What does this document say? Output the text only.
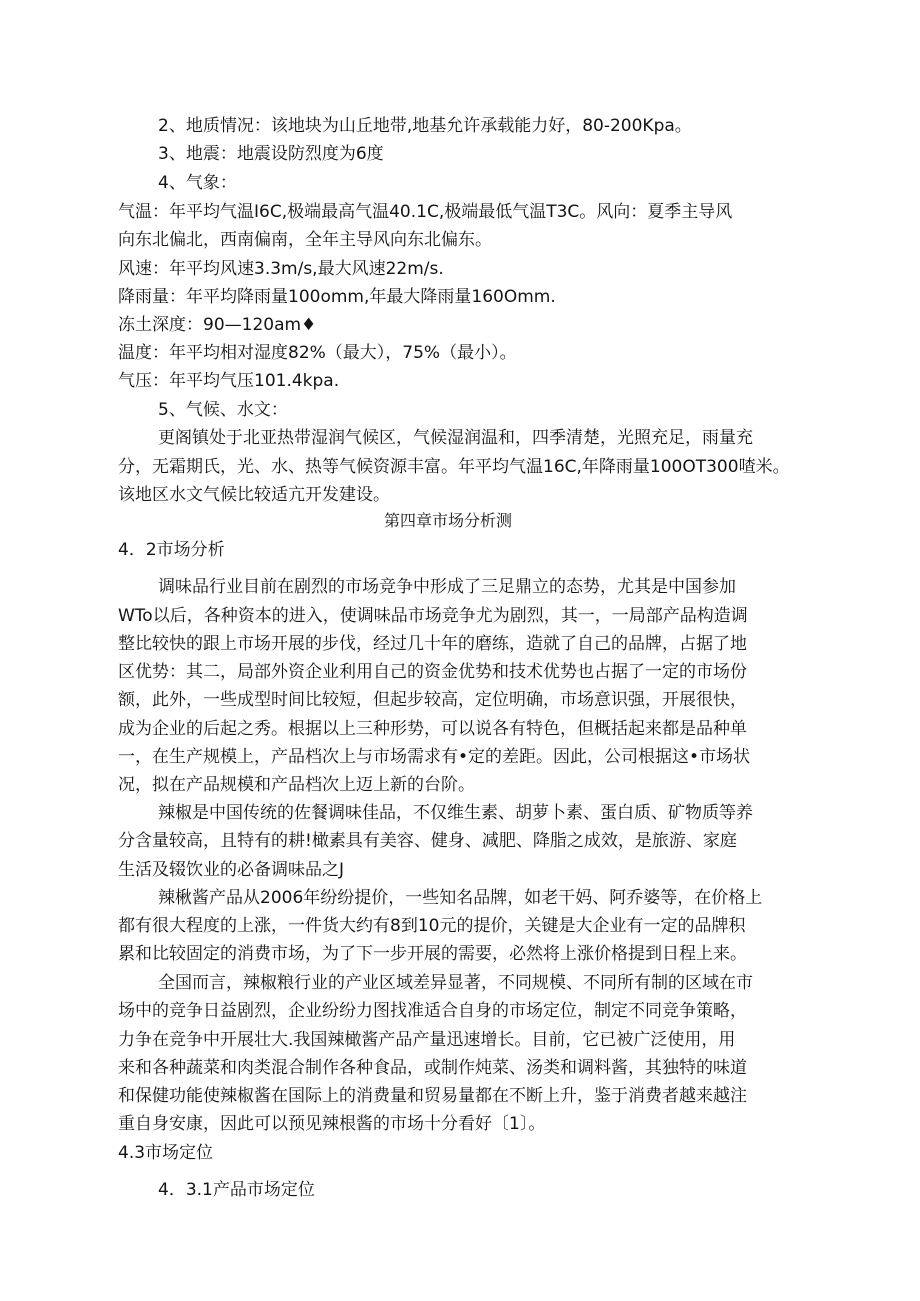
2、地质情况：该地块为山丘地带,地基允许承载能力好，80-200Kpa。

3、地震：地震设防烈度为6度

4、气象：

气温：年平均气温I6C,极端最高气温40.1C,极端最低气温T3C。风向：夏季主导风

向东北偏北，西南偏南，全年主导风向东北偏东。

风速：年平均风速3.3m∕s,最大风速22m∕s.

降雨量：年平均降雨量100omm,年最大降雨量160Omm.

冻土深度：90—120am♦

温度：年平均相对湿度82%（最大），75%（最小）。

气压：年平均气压101.4kpa.

5、气候、水文：

更阁镇处于北亚热带湿润气候区，气候湿润温和，四季清楚，光照充足，雨量充

分，无霜期氏，光、水、热等气候资源丰富。年平均气温16C,年降雨量100OT300喳米。

该地区水文气候比较适亢开发建设。

第四章市场分析测

4．2市场分析

调味品行业目前在剧烈的市场竞争中形成了三足鼎立的态势，尤其是中国参加

WTo以后，各种资本的进入，使调味品市场竞争尤为剧烈，其一，一局部产品构造调

整比较快的跟上市场开展的步伐，经过几十年的磨练，造就了自己的品牌，占据了地

区优势：其二，局部外资企业利用自己的资金优势和技术优势也占据了一定的市场份

额，此外，一些成型时间比较短，但起步较高，定位明确，市场意识强，开展很快，

成为企业的后起之秀。根据以上三种形势，可以说各有特色，但概括起来都是品种单

一，在生产规模上，产品档次上与市场需求有•定的差距。因此，公司根据这•市场状

况，拟在产品规模和产品档次上迈上新的台阶。

辣椒是中国传统的佐餐调味佳品，不仅维生素、胡萝卜素、蛋白质、矿物质等养

分含量较高，且特有的耕!橄素具有美容、健身、减肥、降脂之成效，是旅游、家庭

生活及辍饮业的必备调味品之J

辣楸酱产品从2006年纷纷提价，一些知名品牌，如老干妈、阿乔婆等，在价格上

都有很大程度的上涨，一件货大约有8到10元的提价，关键是大企业有一定的品牌积

累和比较固定的消费市场，为了下一步开展的需要，必然将上涨价格提到日程上来。

全国而言，辣椒粮行业的产业区域差异显著，不同规模、不同所有制的区域在市

场中的竞争日益剧烈，企业纷纷力图找准适合自身的市场定位，制定不同竞争策略，

力争在竞争中开展壮大.我国辣橄酱产品产量迅速增长。目前，它已被广泛使用，用

来和各种蔬菜和肉类混合制作各种食品，或制作炖菜、汤类和调料酱，其独特的味道

和保健功能使辣椒酱在国际上的消费量和贸易量都在不断上升，鉴于消费者越来越注

重自身安康，因此可以预见辣根酱的市场十分看好〔1〕。

4.3市场定位

4．3.1产品市场定位
